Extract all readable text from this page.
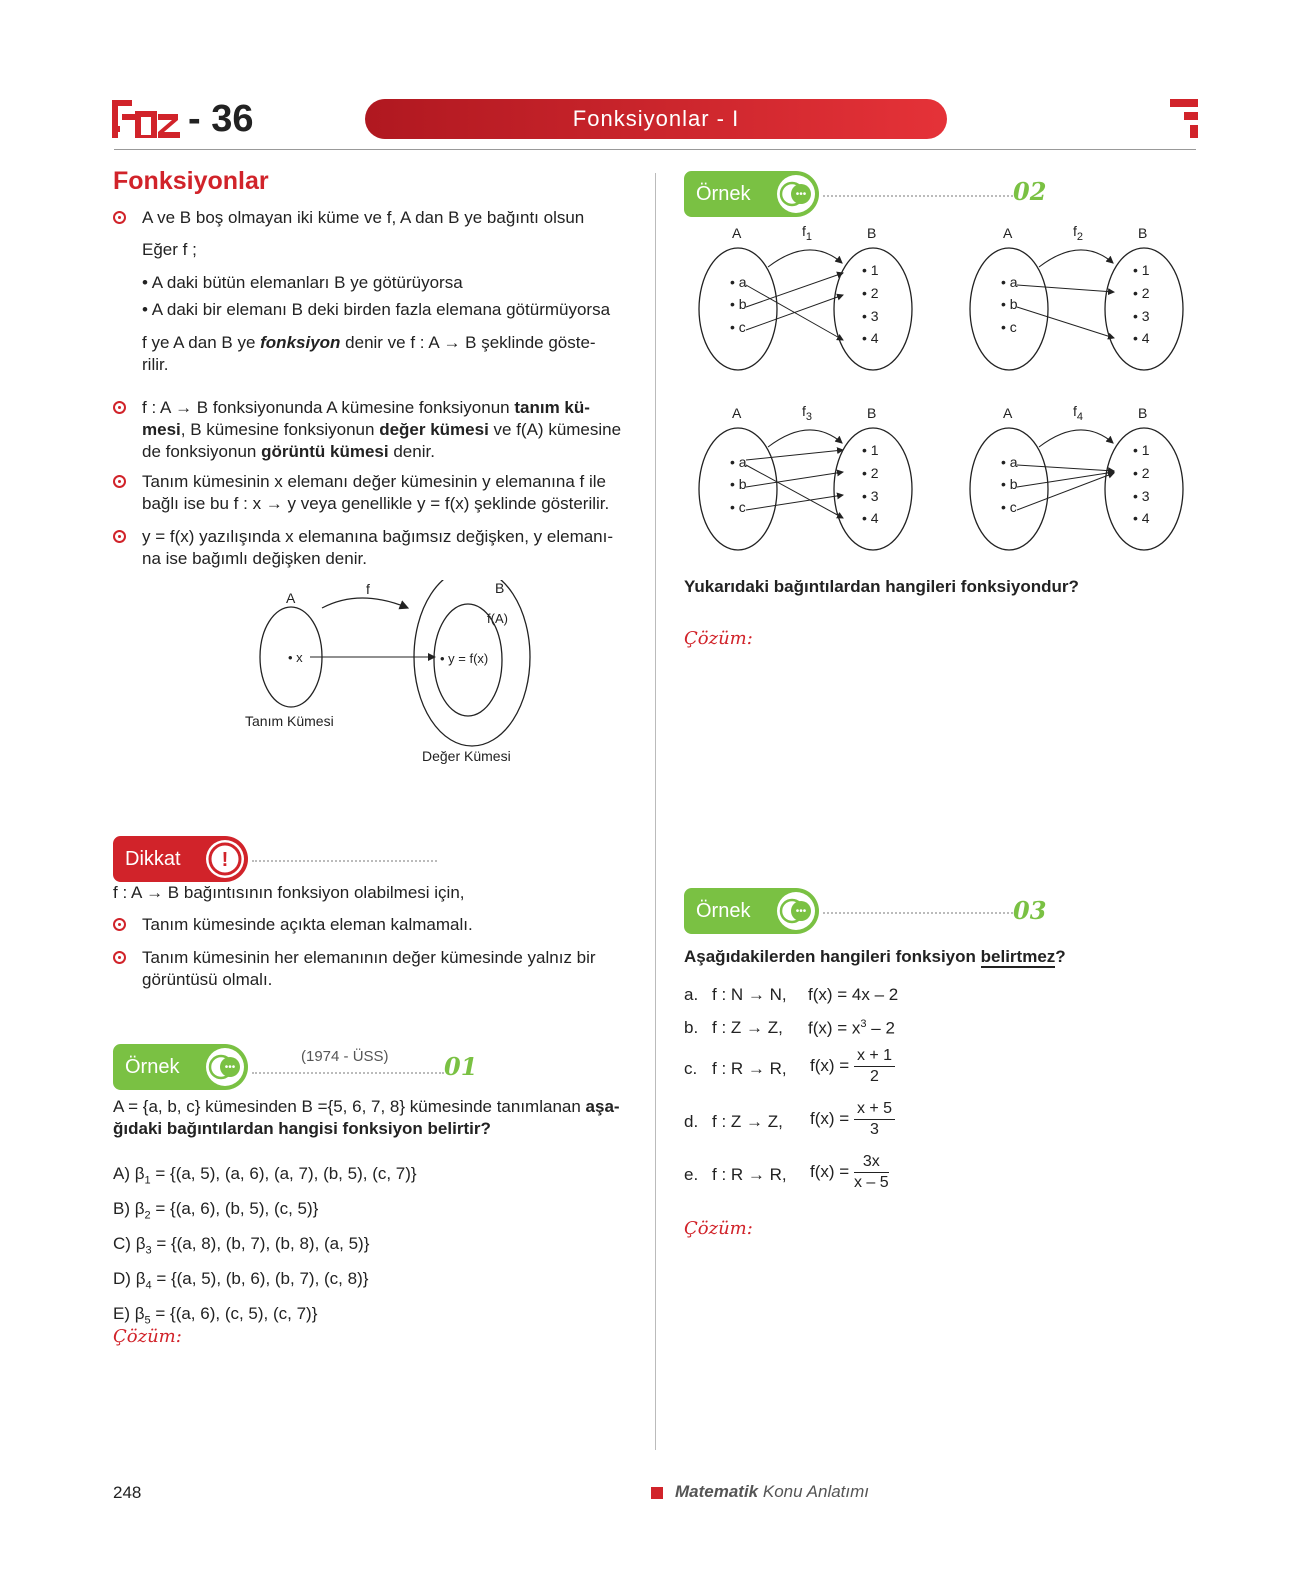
- 36	Fonksiyonlar - I
Fonksiyonlar
A ve B boş olmayan iki küme ve f, A dan B ye bağıntı olsun
Eğer f ;
• A daki bütün elemanları B ye götürüyorsa
• A daki bir elemanı B deki birden fazla elemana götürmüyorsa
f ye A dan B ye fonksiyon denir ve f : A → B şeklinde göste-
rilir.
f : A → B fonksiyonunda A kümesine fonksiyonun tanım kü-
mesi, B kümesine fonksiyonun değer kümesi ve f(A) kümesine
de fonksiyonun görüntü kümesi denir.
Tanım kümesinin x elemanı değer kümesinin y elemanına f ile
bağlı ise bu f : x → y veya genellikle y = f(x) şeklinde gösterilir.
y = f(x) yazılışında x elemanına bağımsız değişken, y elemanı-
na ise bağımlı değişken denir.
A
f	B
f(A)
• x	• y = f(x)
Tanım Kümesi
Değer Kümesi
Dikkat !
f : A → B bağıntısının fonksiyon olabilmesi için,
Tanım kümesinde açıkta eleman kalmamalı.
Tanım kümesinin her elemanının değer kümesinde yalnız bir
görüntüsü olmalı.
Örnek	•••
(1974 - ÜSS) 01
A = {a, b, c} kümesinden B ={5, 6, 7, 8} kümesinde tanımlanan aşa-
ğıdaki bağıntılardan hangisi fonksiyon belirtir?
A) $\beta_1 = \{(a$, 5), (a, 6), (a, 7), (b, 5), (c, 7)}
B) $\beta_2 = \{(a$, 6), (b, 5), (c, 5)}
C) $\beta_3 = \{(a$, 8), (b, 7), (b, 8), (a, 5)}
D) $\beta_4 = \{(a$, 5), (b, 6), (b, 7), (c, 8)}
E) $\beta_5 = \{(a$, 6), (c, 5), (c, 7)}
Çözüm:
Örnek	•••	02
A	$f_1$	B
• a
• b
• c
• 1
• 2
• 3
• 4
A	$f_2$	B
• a
• b
• c
• 1
• 2
• 3
• 4
A	$f_3$	B
• a
• b
• c
• 1
• 2
• 3
• 4
A	$f_4$	B
• a
• b
• c
• 1
• 2
• 3
• 4
Yukarıdaki bağıntılardan hangileri fonksiyondur?
Çözüm:
Örnek	•••	03
Aşağıdakilerden hangileri fonksiyon belirtmez?
a. f : N → N, f(x) = 4x – 2
b. f : Z → Z, $f(x) = x^3 - 2$
c. f : R → R, $f(x) = \frac{x + 1}{2}$
d. f : Z → Z, $f(x) = \frac{x + 5}{3}$
e. f : R → R, $f(x) = \frac{3x}{x - 5}$
Çözüm:
248	Matematik Konu Anlatımı
